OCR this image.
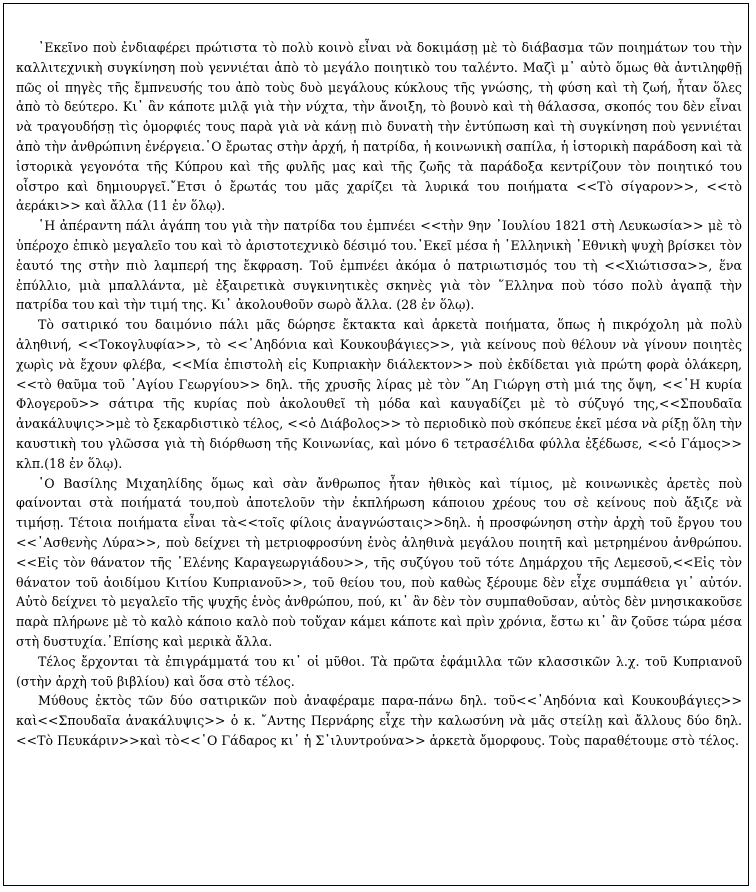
᾿Εκεῖνο ποὺ ἐνδιαφέρει πρώτιστα τὸ πολὺ κοινὸ εἶναι νὰ δοκιμάσῃ μὲ τὸ διάβασμα τῶν ποιημάτων του τὴν καλλιτεχνικὴ συγκίνηση ποὺ γεννιέται ἀπὸ τὸ μεγάλο ποιητικὸ του ταλέντο. Μαζὶ μ᾿ αὐτὸ ὅμως θὰ ἀντιληφθῇ πῶς οἱ πηγὲς τῆς ἔμπνευσής του ἀπὸ τοὺς δυὸ μεγάλους κύκλους τῆς γνώσης, τὴ φύση καὶ τὴ ζωή, ἦταν ὅλες ἀπὸ τὸ δεύτερο. Κι᾿ ἂν κάποτε μιλᾷ γιὰ τὴν νύχτα, τὴν ἄνοιξη, τὸ βουνὸ καὶ τὴ θάλασσα, σκοπός του δὲν εἶναι νὰ τραγουδήσῃ τὶς ὀμορφιές τους παρὰ γιὰ νὰ κάνῃ πιὸ δυνατὴ τὴν ἐντύπωση καὶ τὴ συγκίνηση ποὺ γεννιέται ἀπὸ τὴν ἀνθρώπινη ἐνέργεια.῾Ο ἔρωτας στὴν ἀρχή, ἡ πατρίδα, ἡ κοινωνικὴ σαπίλα, ἡ ἱστορικὴ παράδοση καὶ τὰ ἱστορικὰ γεγονότα τῆς Κύπρου καὶ τῆς φυλῆς μας καὶ τῆς ζωῆς τὰ παράδοξα κεντρίζουν τὸν ποιητικό του οἶστρο καὶ δημιουργεῖ.῎Ετσι ὁ ἔρωτάς του μᾶς χαρίζει τὰ λυρικά του ποιήματα <<Τὸ σίγαρον>>, <<τὸ ἀεράκι>> καὶ ἄλλα (11 ἐν ὅλῳ).

῾Η ἀπέραντη πάλι ἀγάπη του γιὰ τὴν πατρίδα του ἐμπνέει <<τὴν 9ην ᾿Ιουλίου 1821 στὴ Λευκωσία>> μὲ τὸ ὑπέροχο ἐπικὸ μεγαλεῖο του καὶ τὸ ἀριστοτεχνικὸ δέσιμό του.᾿Εκεῖ μέσα ἡ ῾Ελληνικὴ ᾿Εθνικὴ ψυχὴ βρίσκει τὸν ἑαυτό της στὴν πιὸ λαμπερή της ἔκφραση. Τοῦ ἐμπνέει ἀκόμα ὁ πατριωτισμός του τὴ <<Χιώτισσα>>, ἕνα ἐπύλλιο, μιὰ μπαλλάντα, μὲ ἐξαιρετικὰ συγκινητικὲς σκηνὲς γιὰ τὸν ῞Ελληνα ποὺ τόσο πολὺ ἀγαπᾷ τὴν πατρίδα του καὶ τὴν τιμή της. Κι᾿ ἀκολουθοῦν σωρὸ ἄλλα. (28 ἐν ὅλῳ).

Τὸ σατιρικό του δαιμόνιο πάλι μᾶς δώρησε ἔκτακτα καὶ ἀρκετὰ ποιήματα, ὅπως ἡ πικρόχολη μὰ πολὺ ἀληθινή, <<Τοκογλυφία>>, τὸ <<᾿Αηδόνια καὶ Κουκουβάγιες>>, γιὰ κείνους ποὺ θέλουν νὰ γίνουν ποιητὲς χωρὶς νὰ ἔχουν φλέβα, <<Μία ἐπιστολὴ εἰς Κυπριακὴν διάλεκτον>> ποὺ ἐκδίδεται γιὰ πρώτη φορὰ ὁλάκερη, <<τὸ θαῦμα τοῦ ῾Αγίου Γεωργίου>> δηλ. τῆς χρυσῆς λίρας μὲ τὸν ῞Αη Γιώργη στὴ μιά της ὄψη, <<῾Η κυρία Φλογεροῦ>> σάτιρα τῆς κυρίας ποὺ ἀκολουθεῖ τὴ μόδα καὶ καυγαδίζει μὲ τὸ σύζυγό της,<<Σπουδαῖα ἀνακάλυψις>>μὲ τὸ ξεκαρδιστικὸ τέλος, <<ὁ Διάβολος>> τὸ περιοδικὸ ποὺ σκόπευε ἐκεῖ μέσα νὰ ρίξῃ ὅλη τὴν καυστικὴ του γλῶσσα γιὰ τὴ διόρθωση τῆς Κοινωνίας, καὶ μόνο 6 τετρασέλιδα φύλλα ἐξέδωσε, <<ὁ Γάμος>> κλπ.(18 ἐν ὅλῳ).

῾Ο Βασίλης Μιχαηλίδης ὅμως καὶ σὰν ἄνθρωπος ἦταν ἠθικὸς καὶ τίμιος, μὲ κοινωνικὲς ἀρετὲς ποὺ φαίνονται στὰ ποιήματά του,ποὺ ἀποτελοῦν τὴν ἐκπλήρωση κάποιου χρέους του σὲ κείνους ποὺ ἄξιζε νὰ τιμήσῃ. Τέτοια ποιήματα εἶναι τὰ<<τοῖς φίλοις ἀναγνώσταις>>δηλ. ἡ προσφώνηση στὴν ἀρχὴ τοῦ ἔργου του <<᾿Ασθενὴς Λύρα>>, ποὺ δείχνει τὴ μετριοφροσύνη ἑνὸς ἀληθινὰ μεγάλου ποιητῆ καὶ μετρημένου ἀνθρώπου.<<Εἰς τὸν θάνατον τῆς ῾Ελένης Καραγεωργιάδου>>, τῆς συζύγου τοῦ τότε Δημάρχου τῆς Λεμεσοῦ,<<Εἰς τὸν θάνατον τοῦ ἀοιδίμου Κιτίου Κυπριανοῦ>>, τοῦ θείου του, ποὺ καθὼς ξέρουμε δὲν εἶχε συμπάθεια γι᾿ αὐτόν. Αὐτὸ δείχνει τὸ μεγαλεῖο τῆς ψυχῆς ἑνὸς ἀνθρώπου, πού, κι᾿ ἂν δὲν τὸν συμπαθοῦσαν, αὐτὸς δὲν μνησικακοῦσε παρὰ πλήρωνε μὲ τὸ καλὸ κάποιο καλὸ ποὺ τοὔχαν κάμει κάποτε καὶ πρὶν χρόνια, ἔστω κι᾿ ἂν ζοῦσε τώρα μέσα στὴ δυστυχία.᾿Επίσης καὶ μερικὰ ἄλλα.

Τέλος ἔρχονται τὰ ἐπιγράμματά του κι᾿ οἱ μῦθοι. Τὰ πρῶτα ἐφάμιλλα τῶν κλασσικῶν λ.χ. τοῦ Κυπριανοῦ (στὴν ἀρχὴ τοῦ βιβλίου) καὶ ὅσα στὸ τέλος.

Μύθους ἐκτὸς τῶν δύο σατιρικῶν ποὺ ἀναφέραμε παρα-πάνω δηλ. τοῦ<<᾿Αηδόνια καὶ Κουκουβάγιες>> καὶ<<Σπουδαῖα ἀνακάλυψις>> ὁ κ. ῎Αντης Περνάρης εἶχε τὴν καλωσύνη νὰ μᾶς στείλῃ καὶ ἄλλους δύο δηλ.<<Τὸ Πευκάριν>>καὶ τὸ<<῾Ο Γάδαρος κι᾿ ἡ Σ᾿ιλυντρούνα>> ἀρκετὰ ὄμορφους. Τοὺς παραθέτουμε στὸ τέλος.
